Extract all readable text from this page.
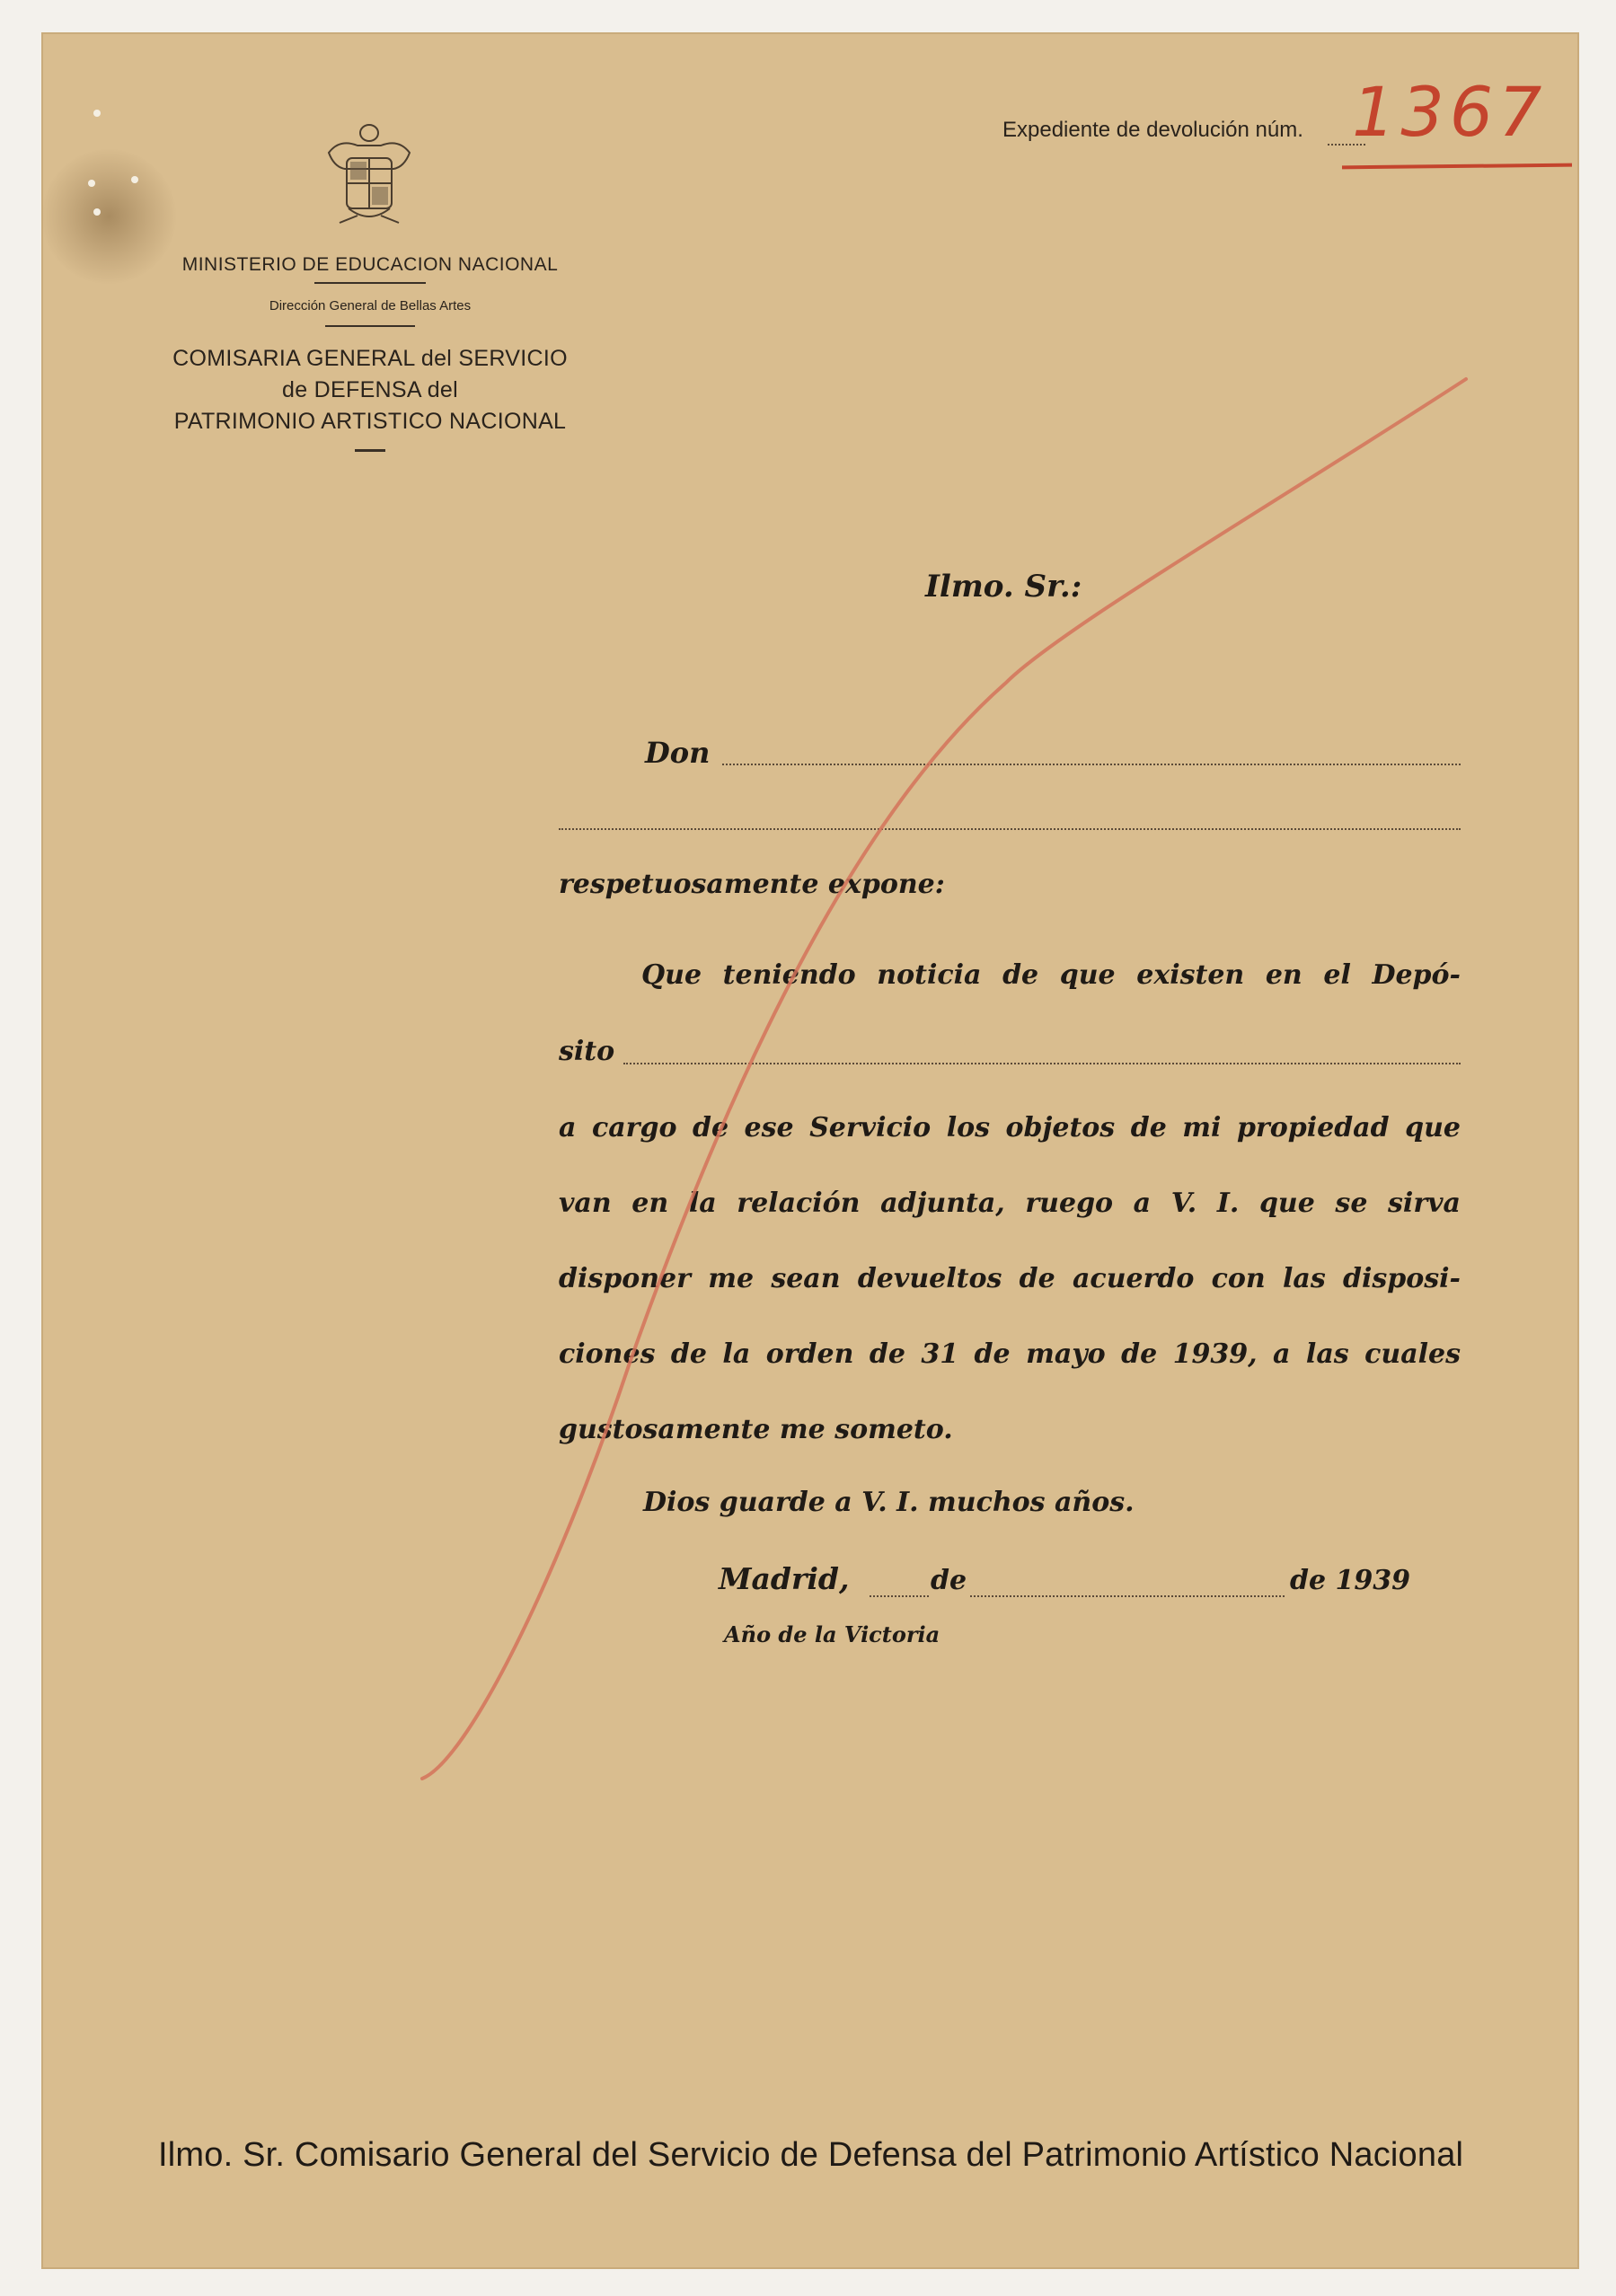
MINISTERIO DE EDUCACION NACIONAL
Dirección General de Bellas Artes
COMISARIA GENERAL del SERVICIO
de DEFENSA del
PATRIMONIO ARTISTICO NACIONAL
Expediente de devolución núm. 1367
Ilmo. Sr.:
Don
respetuosamente expone:
Que teniendo noticia de que existen en el Depó-
sito
a cargo de ese Servicio los objetos de mi propiedad que
van en la relación adjunta, ruego a V. I. que se sirva
disponer me sean devueltos de acuerdo con las disposi-
ciones de la orden de 31 de mayo de 1939, a las cuales
gustosamente me someto.
Dios guarde a V. I. muchos años.
Madrid,	de	de 1939
Año de la Victoria
Ilmo. Sr. Comisario General del Servicio de Defensa del Patrimonio Artístico Nacional
